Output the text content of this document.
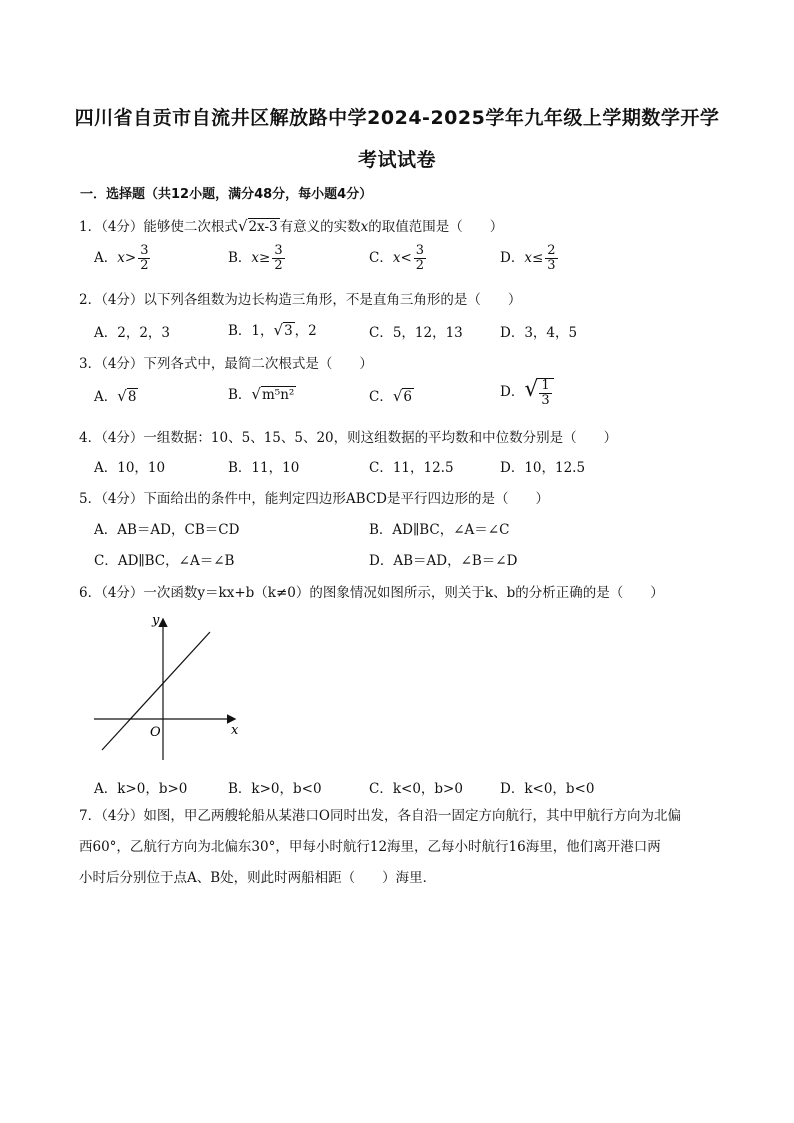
四川省自贡市自流井区解放路中学2024-2025学年九年级上学期数学开学
考试试卷
一．选择题（共12小题，满分48分，每小题4分）
1．（4分）能够使二次根式√2x-3 有意义的实数x的取值范围是（　　）
A．$x> \frac{3}{2}$	B．$x\ge \frac{3}{2}$	C．$x< \frac{3}{2}$	D．$x\le \frac{2}{3}$
2．（4分）以下列各组数为边长构造三角形，不是直角三角形的是（　　）
A．2，2，3	B．1，√3 ，2	C．5，12，13	D．3，4，5
3．（4分）下列各式中，最简二次根式是（　　）
A．√8	B．√m⁵n²	C．√6	D．√ $\frac{1}{3}$
4．（4分）一组数据：10、5、15、5、20，则这组数据的平均数和中位数分别是（　　）
A．10，10	B．11，10	C．11，12.5	D．10，12.5
5．（4分）下面给出的条件中，能判定四边形ABCD是平行四边形的是（　　）
A．AB＝AD，CB＝CD	B．AD∥BC，∠A＝∠C
C．AD∥BC，∠A＝∠B	D．AB＝AD，∠B＝∠D
6．（4分）一次函数y＝kx+b（k≠0）的图象情况如图所示，则关于k、b的分析正确的是（　　）
y
x
O
A．k>0，b>0	B．k>0，b<0	C．k<0，b>0	D．k<0，b<0
7．（4分）如图，甲乙两艘轮船从某港口O同时出发，各自沿一固定方向航行，其中甲航行方向为北偏
西60°，乙航行方向为北偏东30°，甲每小时航行12海里，乙每小时航行16海里，他们离开港口两
小时后分别位于点A、B处，则此时两船相距（　　）海里．
